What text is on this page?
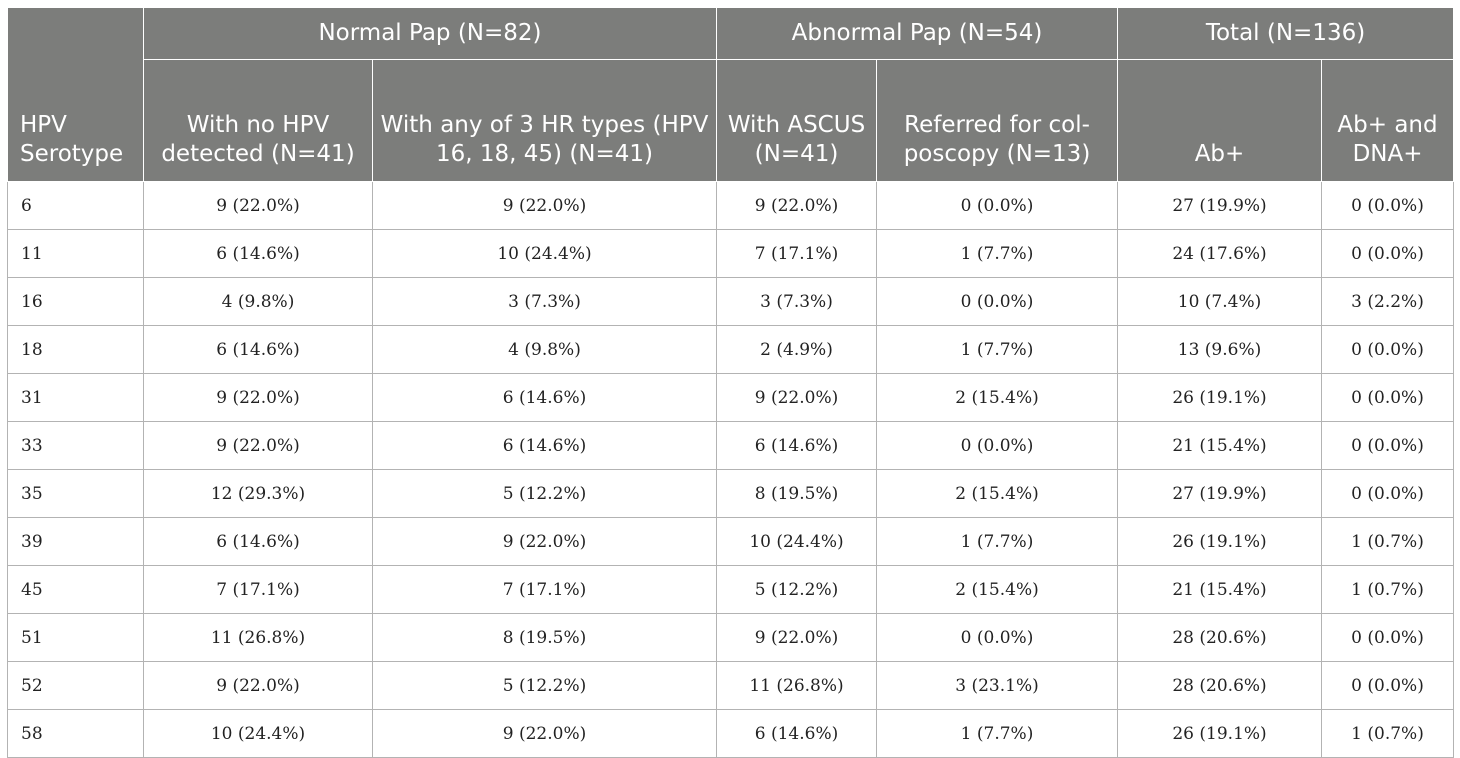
HPV Serotype	Normal Pap (N=82)		Abnormal Pap (N=54)		Total (N=136)	
	With no HPV detected (N=41)	With any of 3 HR types (HPV 16, 18, 45) (N=41)	With ASCUS (N=41)	Referred for col-poscopy (N=13)	Ab+	Ab+ and DNA+
6	9 (22.0%)	9 (22.0%)	9 (22.0%)	0 (0.0%)	27 (19.9%)	0 (0.0%)
11	6 (14.6%)	10 (24.4%)	7 (17.1%)	1 (7.7%)	24 (17.6%)	0 (0.0%)
16	4 (9.8%)	3 (7.3%)	3 (7.3%)	0 (0.0%)	10 (7.4%)	3 (2.2%)
18	6 (14.6%)	4 (9.8%)	2 (4.9%)	1 (7.7%)	13 (9.6%)	0 (0.0%)
31	9 (22.0%)	6 (14.6%)	9 (22.0%)	2 (15.4%)	26 (19.1%)	0 (0.0%)
33	9 (22.0%)	6 (14.6%)	6 (14.6%)	0 (0.0%)	21 (15.4%)	0 (0.0%)
35	12 (29.3%)	5 (12.2%)	8 (19.5%)	2 (15.4%)	27 (19.9%)	0 (0.0%)
39	6 (14.6%)	9 (22.0%)	10 (24.4%)	1 (7.7%)	26 (19.1%)	1 (0.7%)
45	7 (17.1%)	7 (17.1%)	5 (12.2%)	2 (15.4%)	21 (15.4%)	1 (0.7%)
51	11 (26.8%)	8 (19.5%)	9 (22.0%)	0 (0.0%)	28 (20.6%)	0 (0.0%)
52	9 (22.0%)	5 (12.2%)	11 (26.8%)	3 (23.1%)	28 (20.6%)	0 (0.0%)
58	10 (24.4%)	9 (22.0%)	6 (14.6%)	1 (7.7%)	26 (19.1%)	1 (0.7%)
